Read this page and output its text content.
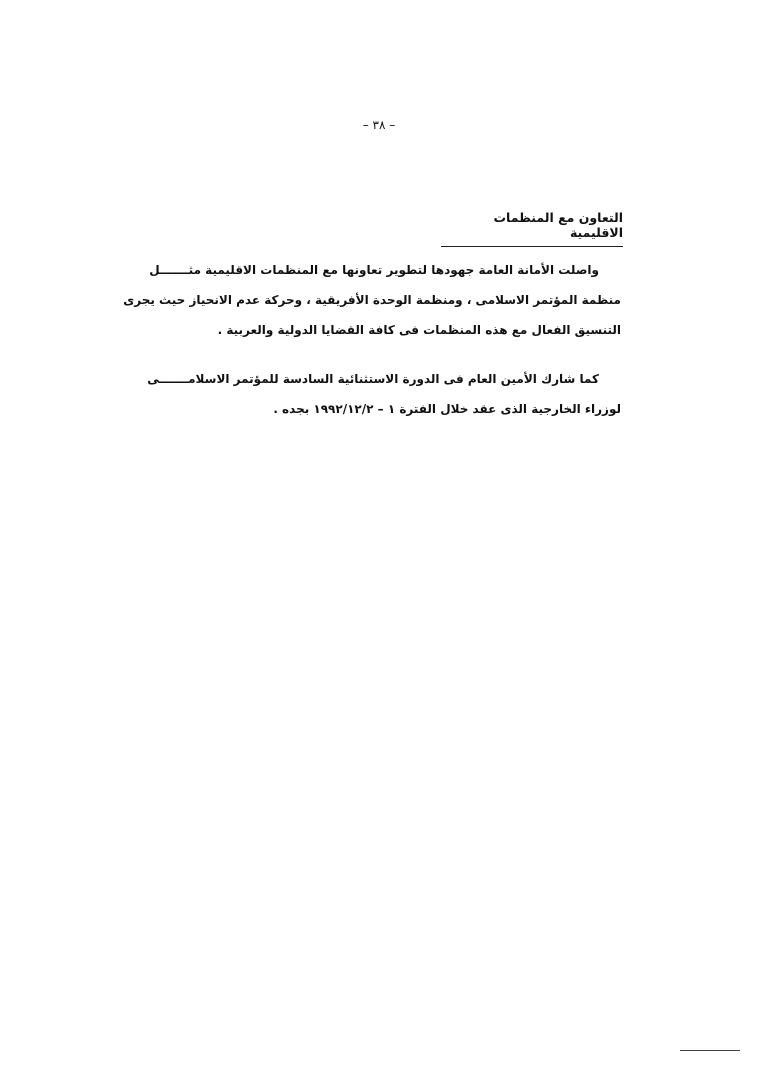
– ٣٨ –
التعاون مع المنظمات الاقليمية
واصلت الأمانة العامة جهودها لتطوير تعاونها مع المنظمات الاقليمية مثـــــــل
منظمة المؤتمر الاسلامى ، ومنظمة الوحدة الأفريقية ، وحركة عدم الانحياز حيث يجرى
التنسيق الفعال مع هذه المنظمات فى كافة القضايا الدولية والعربية .
كما شارك الأمين العام فى الدورة الاستثنائية السادسة للمؤتمر الاسلامـــــــى
لوزراء الخارجية الذى عقد خلال الفترة ١ – ١٩٩٢/١٢/٢ بجده .
